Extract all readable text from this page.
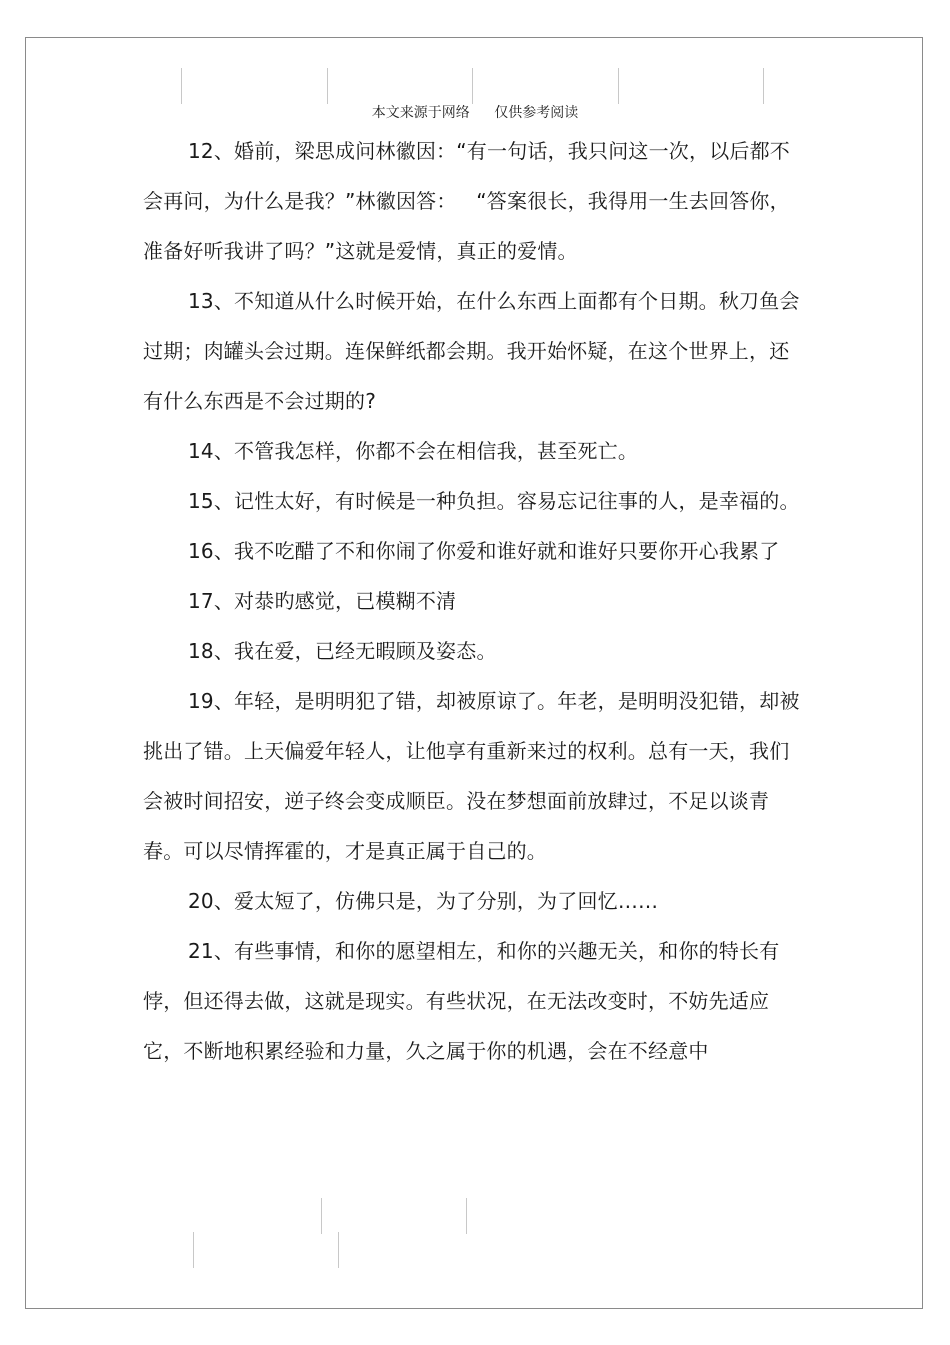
本文来源于网络 仅供参考阅读

12、婚前，梁思成问林徽因：“有一句话，我只问这一次，以后都不会再问，为什么是我？”林徽因答：   “答案很长，我得用一生去回答你，准备好听我讲了吗？”这就是爱情，真正的爱情。

13、不知道从什么时候开始，在什么东西上面都有个日期。秋刀鱼会过期；肉罐头会过期。连保鲜纸都会期。我开始怀疑，在这个世界上，还有什么东西是不会过期的?

14、不管我怎样，你都不会在相信我，甚至死亡。

15、记性太好，有时候是一种负担。容易忘记往事的人，是幸福的。

16、我不吃醋了不和你闹了你爱和谁好就和谁好只要你开心我累了

17、对㳟旳感觉，已模糊不清

18、我在爱，已经无暇顾及姿态。

19、年轻，是明明犯了错，却被原谅了。年老，是明明没犯错，却被挑出了错。上天偏爱年轻人，让他享有重新来过的权利。总有一天，我们会被时间招安，逆子终会变成顺臣。没在梦想面前放肆过，不足以谈青春。可以尽情挥霍的，才是真正属于自己的。

20、爱太短了，仿佛只是，为了分别，为了回忆……

21、有些事情，和你的愿望相左，和你的兴趣无关，和你的特长有悖，但还得去做，这就是现实。有些状况，在无法改变时，不妨先适应它，不断地积累经验和力量，久之属于你的机遇，会在不经意中
